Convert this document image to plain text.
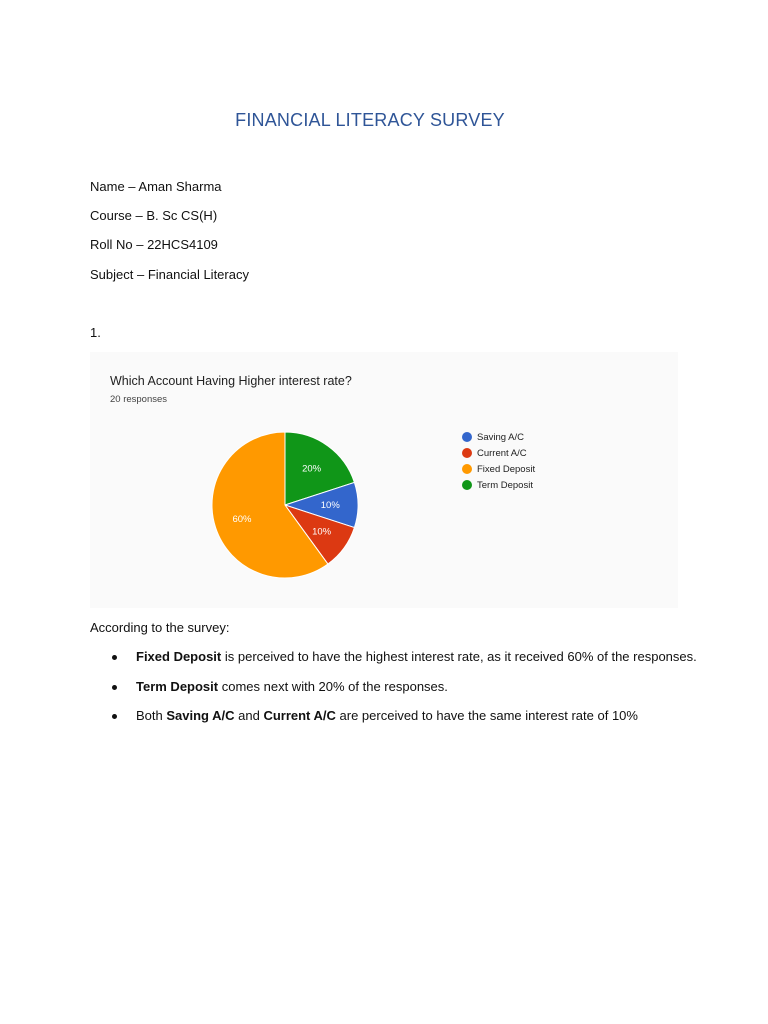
FINANCIAL LITERACY SURVEY
Name – Aman Sharma
Course – B. Sc CS(H)
Roll No – 22HCS4109
Subject – Financial Literacy
1.
Which Account Having Higher interest rate?
20 responses
20%
10%
10%
60%
Saving A/C
Current A/C
Fixed Deposit
Term Deposit
According to the survey:
Fixed Deposit is perceived to have the highest interest rate, as it received 60% of the responses.
Term Deposit comes next with 20% of the responses.
Both Saving A/C and Current A/C are perceived to have the same interest rate of 10%
